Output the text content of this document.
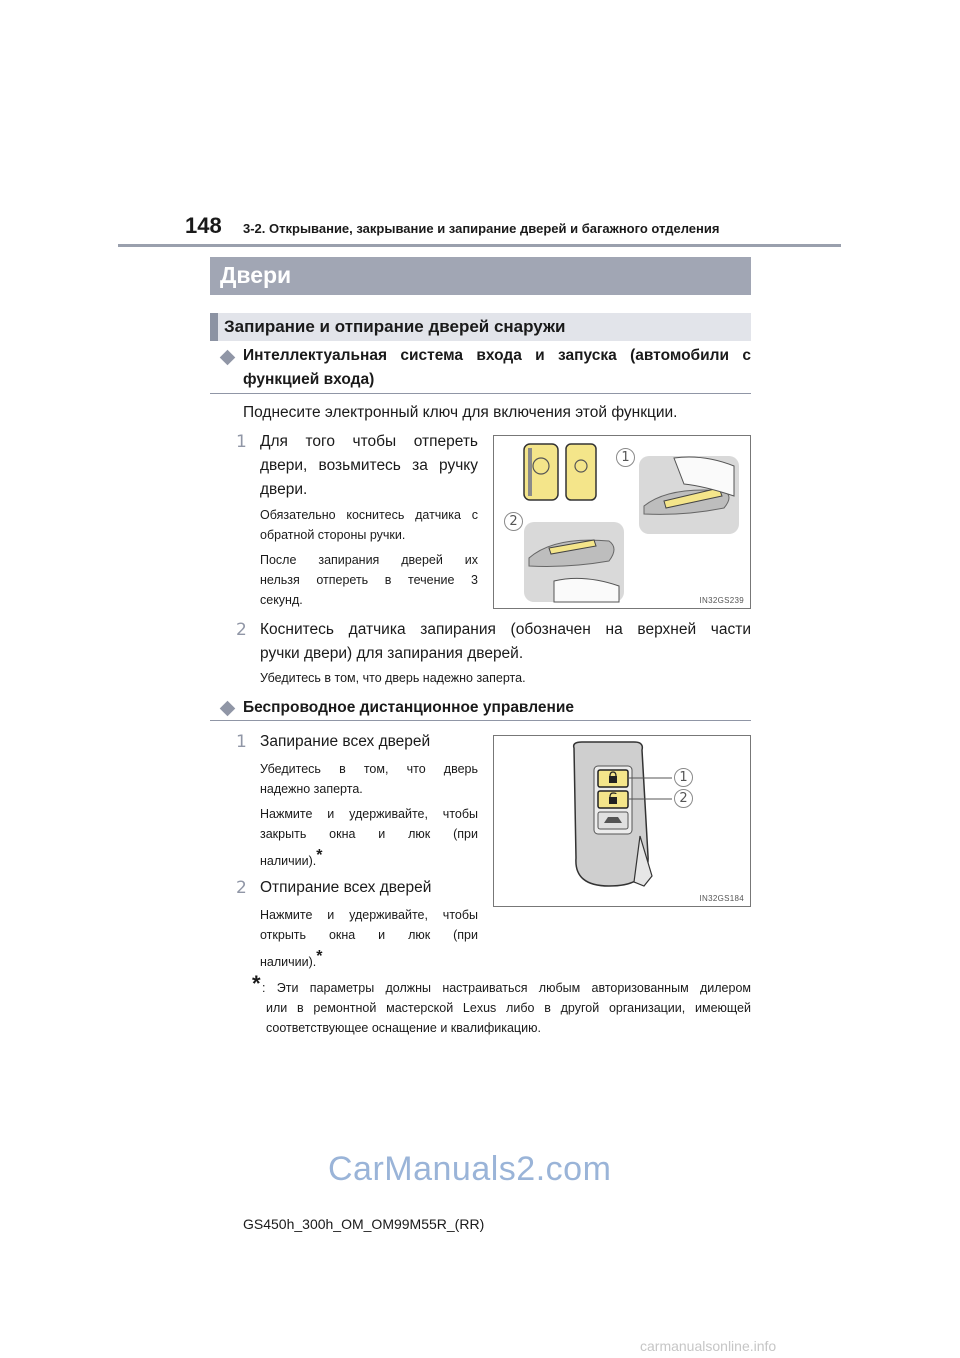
148 3-2. Открывание, закрывание и запирание дверей и багажного отделения
Двери
Запирание и отпирание дверей снаружи
Интеллектуальная система входа и запуска (автомобили с
функцией входа)
Поднесите электронный ключ для включения этой функции.
1 Для того чтобы отпереть
двери, возьмитесь за ручку
двери.
Обязательно коснитесь датчика с
обратной стороны ручки.
После запирания дверей их
нельзя отпереть в течение 3
секунд.
1
2
IN32GS239
2 Коснитесь датчика запирания (обозначен на верхней части
ручки двери) для запирания дверей.
Убедитесь в том, что дверь надежно заперта.
Беспроводное дистанционное управление
1 Запирание всех дверей
Убедитесь в том, что дверь
надежно заперта.
Нажмите и удерживайте, чтобы
закрыть окна и люк (при
наличии).*
2 Отпирание всех дверей
Нажмите и удерживайте, чтобы
открыть окна и люк (при
наличии).*
1
2
IN32GS184
* : Эти параметры должны настраиваться любым авторизованным дилером
или в ремонтной мастерской Lexus либо в другой организации, имеющей
соответствующее оснащение и квалификацию.
CarManuals2.com
GS450h_300h_OM_OM99M55R_(RR)
carmanualsonline.info
